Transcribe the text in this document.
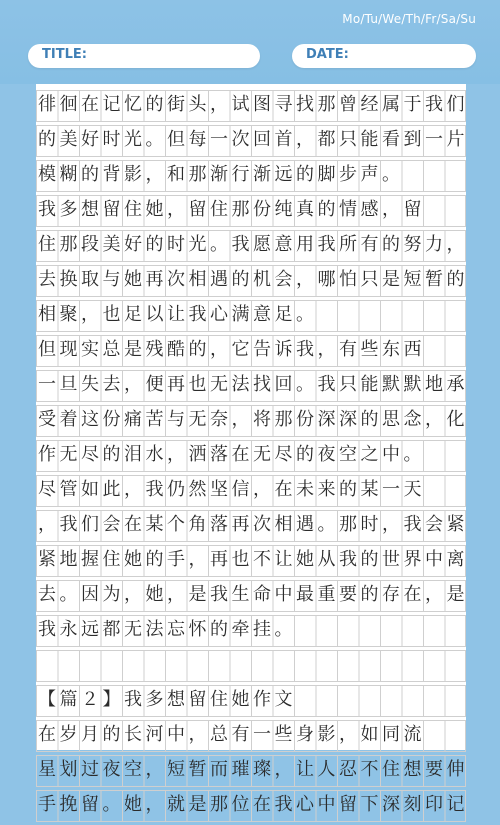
Mo/Tu/We/Th/Fr/Sa/Su
TITLE:	DATE:
徘徊在记忆的街头，试图寻找那曾经属于我们
的美好时光。但每一次回首，都只能看到一片
模糊的背影，和那渐行渐远的脚步声。
我多想留住她，留住那份纯真的情感，留
住那段美好的时光。我愿意用我所有的努力，
去换取与她再次相遇的机会，哪怕只是短暂的
相聚，也足以让我心满意足。
但现实总是残酷的，它告诉我，有些东西
一旦失去，便再也无法找回。我只能默默地承
受着这份痛苦与无奈，将那份深深的思念，化
作无尽的泪水，洒落在无尽的夜空之中。
尽管如此，我仍然坚信，在未来的某一天
，我们会在某个角落再次相遇。那时，我会紧
紧地握住她的手，再也不让她从我的世界中离
去。因为，她，是我生命中最重要的存在，是
我永远都无法忘怀的牵挂。
【篇２】我多想留住她作文
在岁月的长河中，总有一些身影，如同流
星划过夜空，短暂而璀璨，让人忍不住想要伸
手挽留。她，就是那位在我心中留下深刻印记
